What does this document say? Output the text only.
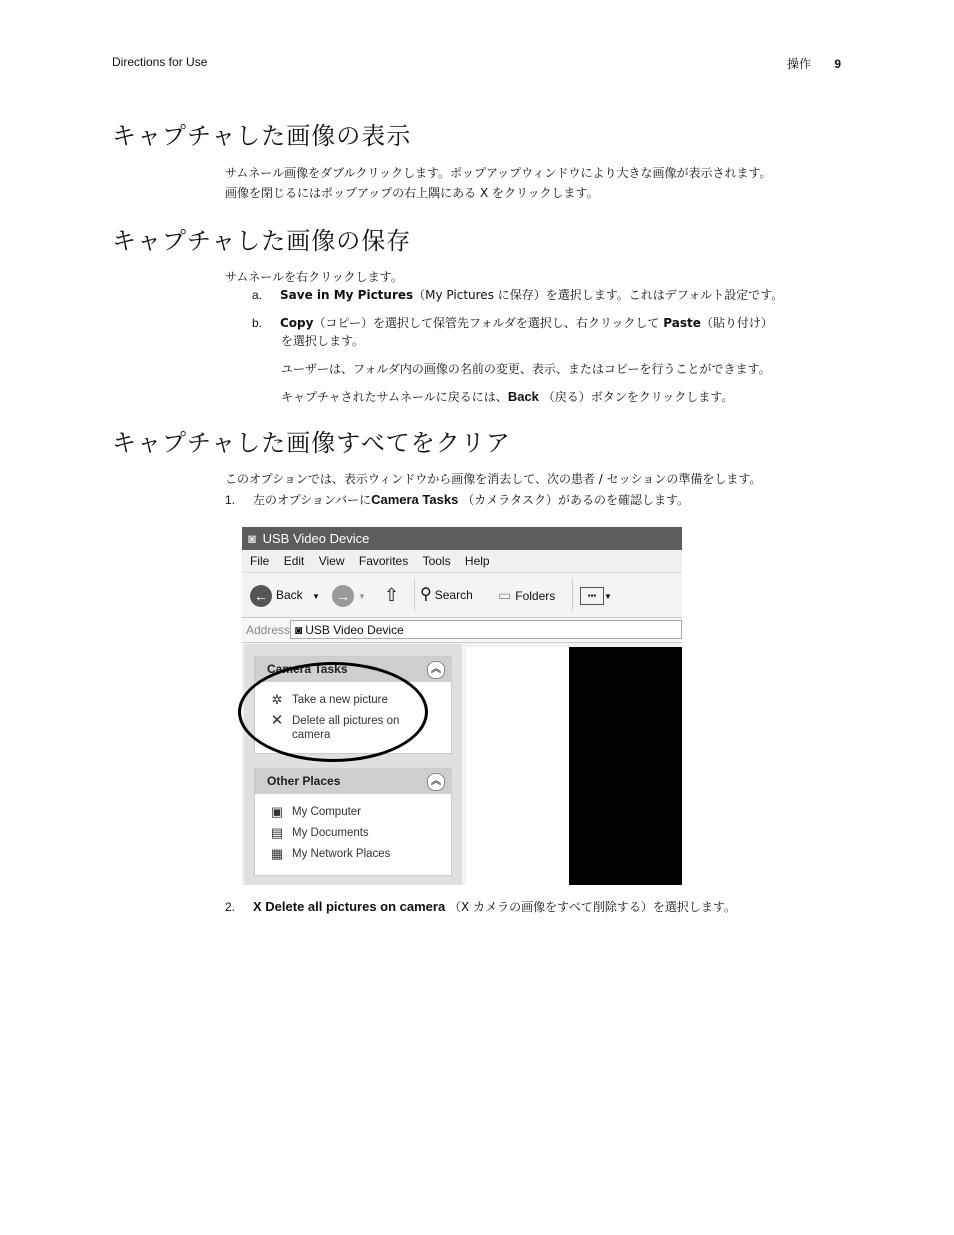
Directions for Use	操作 9
キャプチャした画像の表示
サムネール画像をダブルクリックします。ポップアップウィンドウにより大きな画像が表示されます。
画像を閉じるにはポップアップの右上隅にある X をクリックします。
キャプチャした画像の保存
サムネールを右クリックします。
a. Save in My Pictures（My Pictures に保存）を選択します。これはデフォルト設定です。
b. Copy（コピー）を選択して保管先フォルダを選択し、右クリックして Paste（貼り付け）
を選択します。
ユーザーは、フォルダ内の画像の名前の変更、表示、またはコピーを行うことができます。
キャプチャされたサムネールに戻るには、Back （戻る）ボタンをクリックします。
キャプチャした画像すべてをクリア
このオプションでは、表示ウィンドウから画像を消去して、次の患者 / セッションの準備をします。
1. 左のオプションバーにCamera Tasks （カメラタスク）があるのを確認します。
◙ USB Video Device
File Edit View Favorites Tools Help
← Back ▼ → ▼ ⇧ ⚲ Search ▭ Folders	▪▪▪ ▼
Address ◙ USB Video Device
Camera Tasks	︽
✲ Take a new picture
✕ Delete all pictures on
camera
Other Places	︽
▣ My Computer
▤ My Documents
▦ My Network Places
2. X Delete all pictures on camera （X カメラの画像をすべて削除する）を選択します。
